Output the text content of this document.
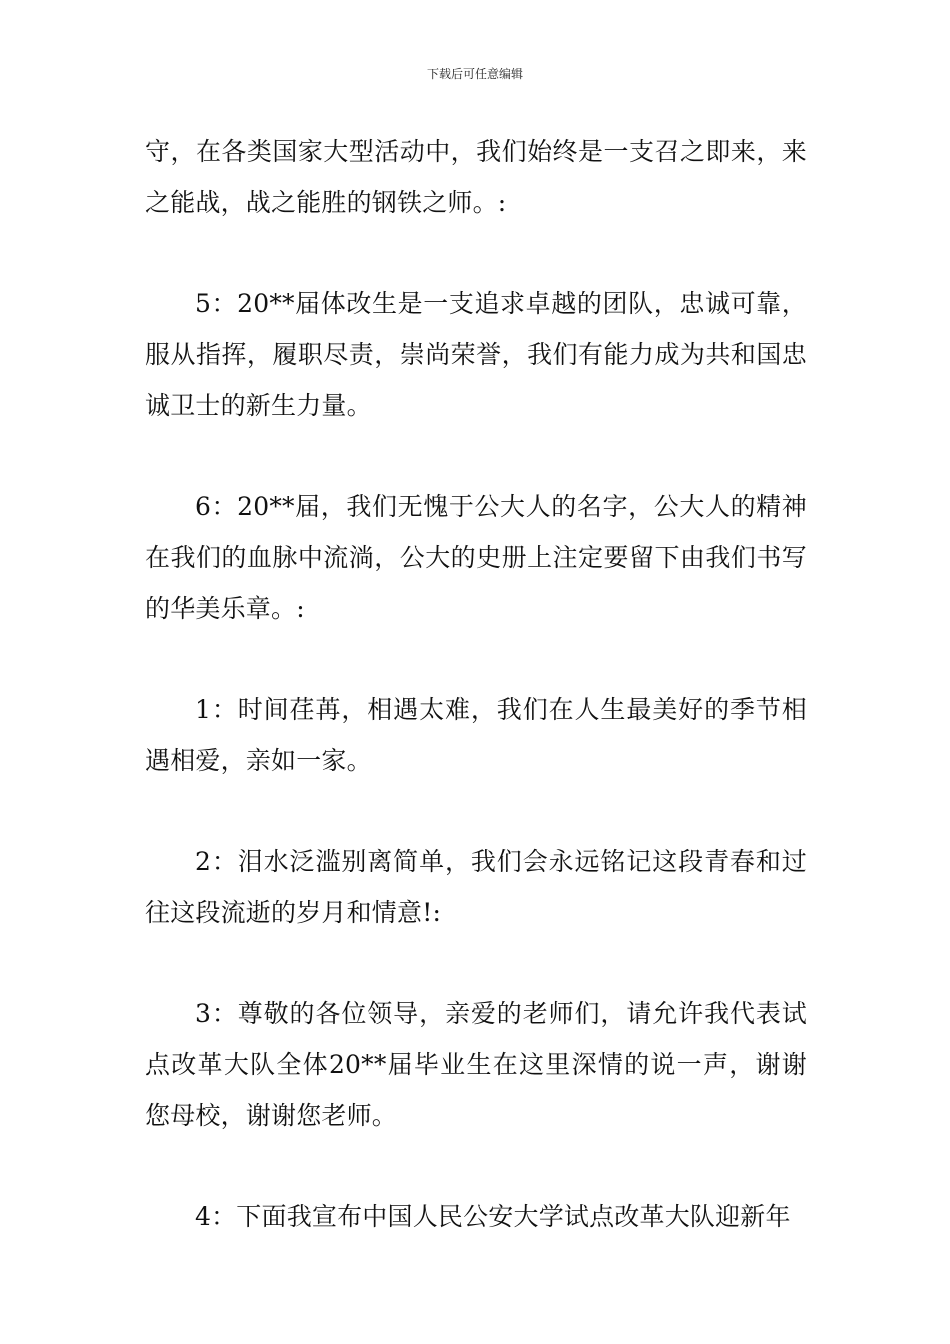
下载后可任意编辑

守，在各类国家大型活动中，我们始终是一支召之即来，来之能战，战之能胜的钢铁之师。:

5：20**届体改生是一支追求卓越的团队，忠诚可靠，服从指挥，履职尽责，崇尚荣誉，我们有能力成为共和国忠诚卫士的新生力量。

6：20**届，我们无愧于公大人的名字，公大人的精神在我们的血脉中流淌，公大的史册上注定要留下由我们书写的华美乐章。:

1：时间荏苒，相遇太难，我们在人生最美好的季节相遇相爱，亲如一家。

2：泪水泛滥别离简单，我们会永远铭记这段青春和过往这段流逝的岁月和情意!:

3：尊敬的各位领导，亲爱的老师们，请允许我代表试点改革大队全体20**届毕业生在这里深情的说一声，谢谢您母校，谢谢您老师。

4：下面我宣布中国人民公安大学试点改革大队迎新年
